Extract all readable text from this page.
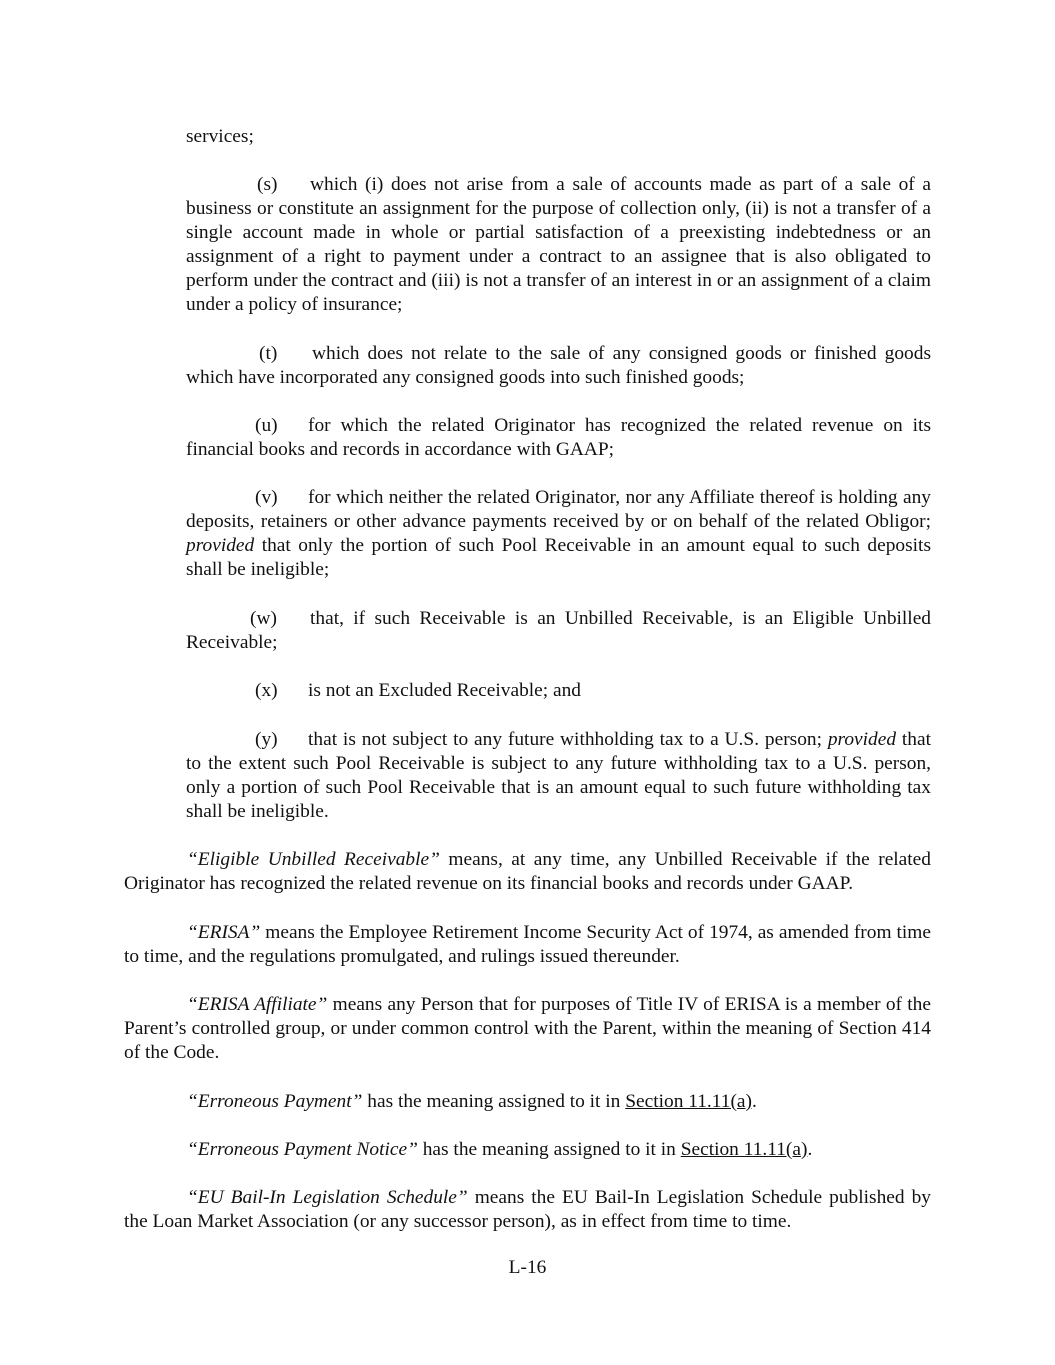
services;

(s) which (i) does not arise from a sale of accounts made as part of a sale of a business or constitute an assignment for the purpose of collection only, (ii) is not a transfer of a single account made in whole or partial satisfaction of a preexisting indebtedness or an assignment of a right to payment under a contract to an assignee that is also obligated to perform under the contract and (iii) is not a transfer of an interest in or an assignment of a claim under a policy of insurance;

(t) which does not relate to the sale of any consigned goods or finished goods which have incorporated any consigned goods into such finished goods;

(u) for which the related Originator has recognized the related revenue on its financial books and records in accordance with GAAP;

(v) for which neither the related Originator, nor any Affiliate thereof is holding any deposits, retainers or other advance payments received by or on behalf of the related Obligor; provided that only the portion of such Pool Receivable in an amount equal to such deposits shall be ineligible;

(w) that, if such Receivable is an Unbilled Receivable, is an Eligible Unbilled Receivable;

(x) is not an Excluded Receivable; and

(y) that is not subject to any future withholding tax to a U.S. person; provided that to the extent such Pool Receivable is subject to any future withholding tax to a U.S. person, only a portion of such Pool Receivable that is an amount equal to such future withholding tax shall be ineligible.

“Eligible Unbilled Receivable” means, at any time, any Unbilled Receivable if the related Originator has recognized the related revenue on its financial books and records under GAAP.

“ERISA” means the Employee Retirement Income Security Act of 1974, as amended from time to time, and the regulations promulgated, and rulings issued thereunder.

“ERISA Affiliate” means any Person that for purposes of Title IV of ERISA is a member of the Parent’s controlled group, or under common control with the Parent, within the meaning of Section 414 of the Code.

“Erroneous Payment” has the meaning assigned to it in Section 11.11(a).

“Erroneous Payment Notice” has the meaning assigned to it in Section 11.11(a).

“EU Bail-In Legislation Schedule” means the EU Bail-In Legislation Schedule published by the Loan Market Association (or any successor person), as in effect from time to time.

L-16
